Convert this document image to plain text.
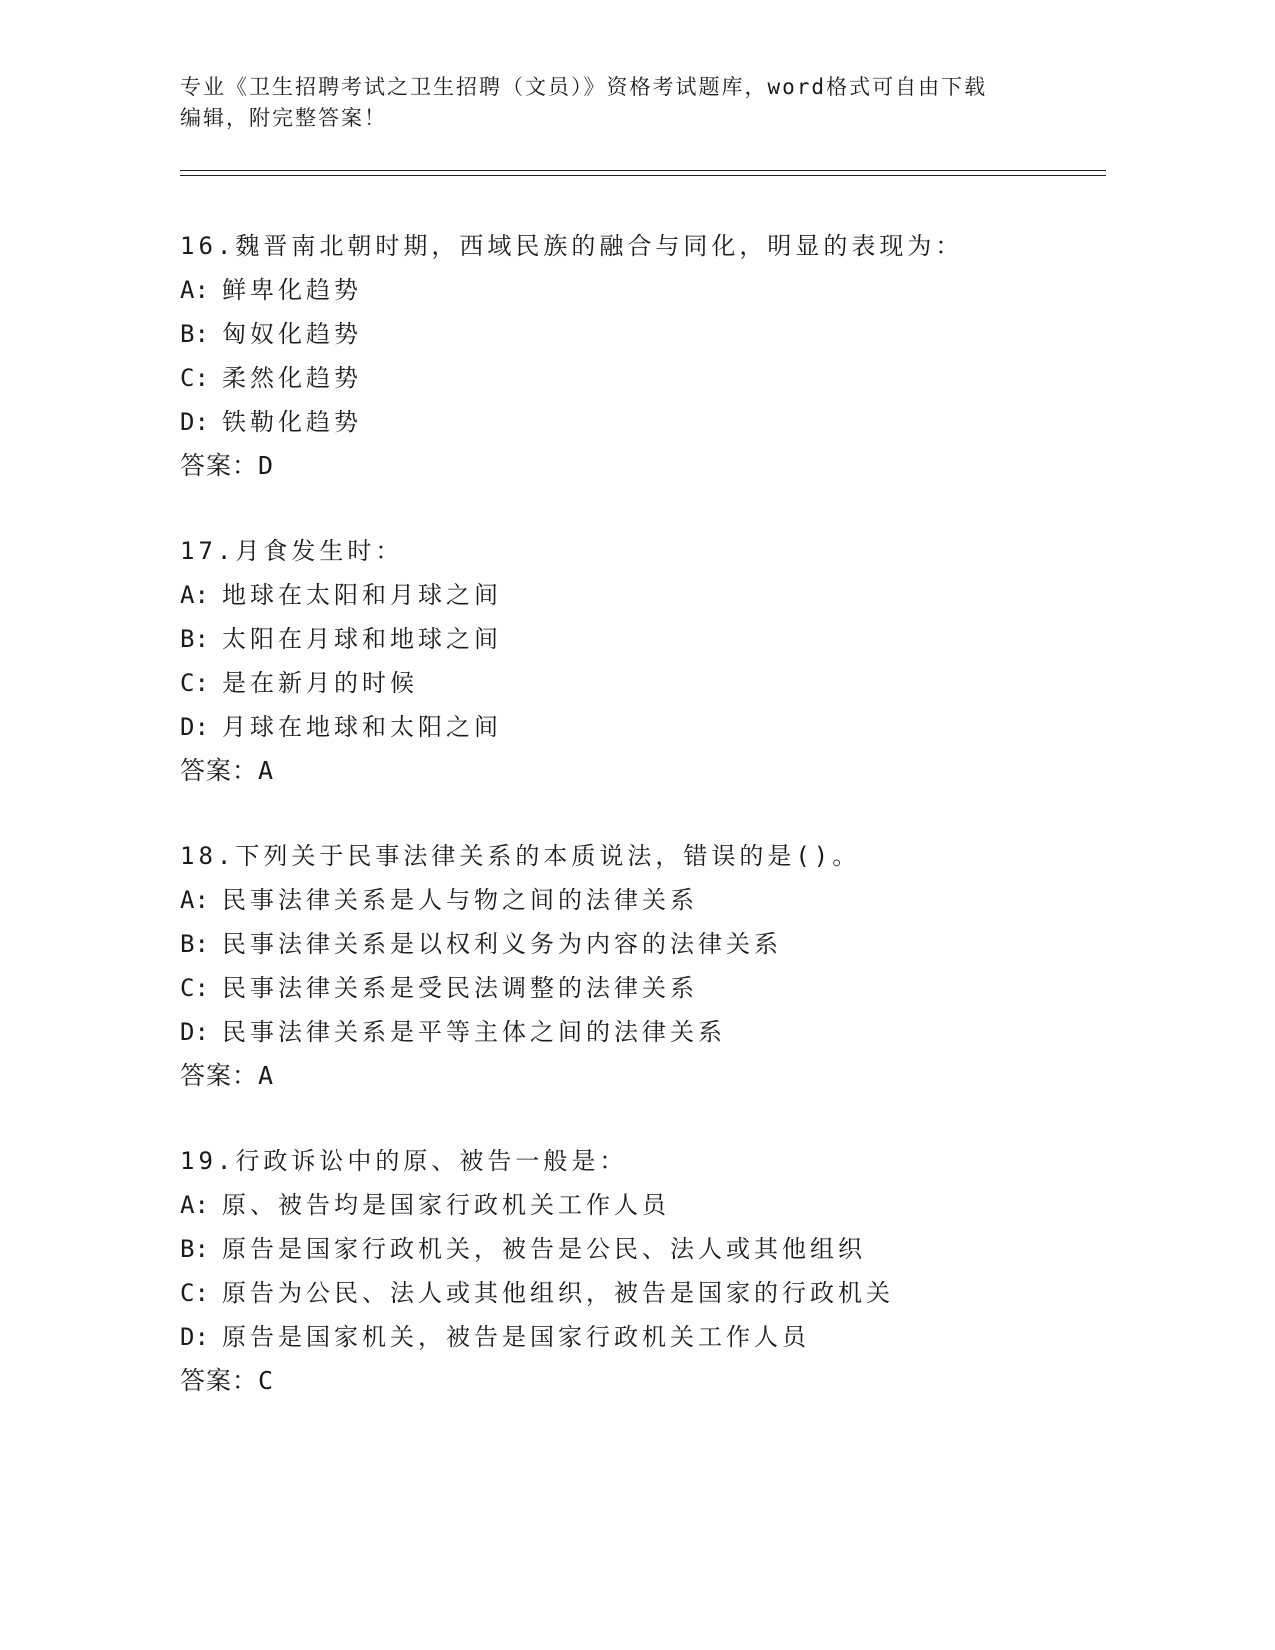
专业《卫生招聘考试之卫生招聘（文员）》资格考试题库，word格式可自由下载
编辑，附完整答案！
16.魏晋南北朝时期，西域民族的融合与同化，明显的表现为：
A: 鲜卑化趋势
B: 匈奴化趋势
C: 柔然化趋势
D: 铁勒化趋势
答案：D
17.月食发生时：
A: 地球在太阳和月球之间
B: 太阳在月球和地球之间
C: 是在新月的时候
D: 月球在地球和太阳之间
答案：A
18.下列关于民事法律关系的本质说法，错误的是()。
A: 民事法律关系是人与物之间的法律关系
B: 民事法律关系是以权利义务为内容的法律关系
C: 民事法律关系是受民法调整的法律关系
D: 民事法律关系是平等主体之间的法律关系
答案：A
19.行政诉讼中的原、被告一般是：
A: 原、被告均是国家行政机关工作人员
B: 原告是国家行政机关，被告是公民、法人或其他组织
C: 原告为公民、法人或其他组织，被告是国家的行政机关
D: 原告是国家机关，被告是国家行政机关工作人员
答案：C
